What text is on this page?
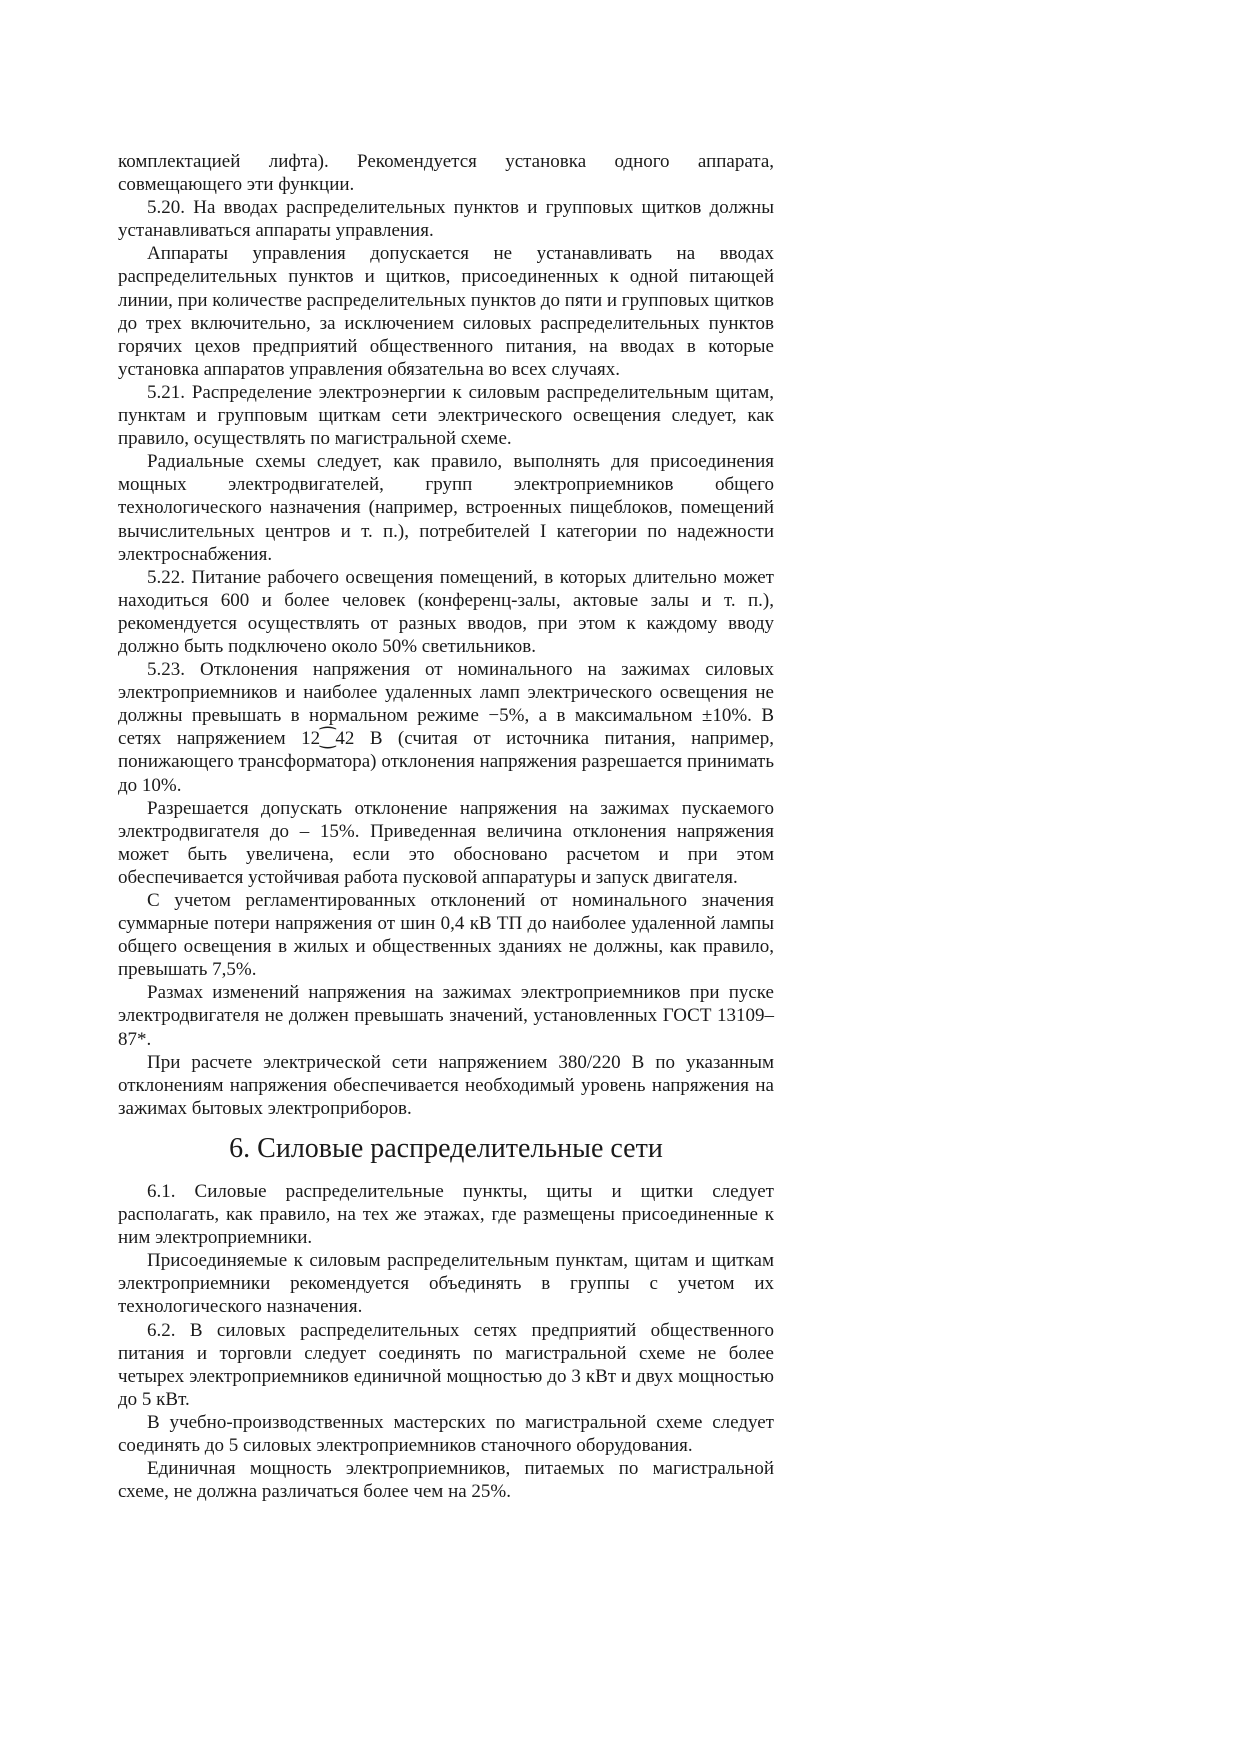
комплектацией лифта). Рекомендуется установка одного аппарата, совмещающего эти функции.

5.20. На вводах распределительных пунктов и групповых щитков должны устанавливаться аппараты управления.

Аппараты управления допускается не устанавливать на вводах распределительных пунктов и щитков, присоединенных к одной питающей линии, при количестве распределительных пунктов до пяти и групповых щитков до трех включительно, за исключением силовых распределительных пунктов горячих цехов предприятий общественного питания, на вводах в которые установка аппаратов управления обязательна во всех случаях.

5.21. Распределение электроэнергии к силовым распределительным щитам, пунктам и групповым щиткам сети электрического освещения следует, как правило, осуществлять по магистральной схеме.

Радиальные схемы следует, как правило, выполнять для присоединения мощных электродвигателей, групп электроприемников общего технологического назначения (например, встроенных пищеблоков, помещений вычислительных центров и т. п.), потребителей I категории по надежности электроснабжения.

5.22. Питание рабочего освещения помещений, в которых длительно может находиться 600 и более человек (конференц-залы, актовые залы и т. п.), рекомендуется осуществлять от разных вводов, при этом к каждому вводу должно быть подключено около 50% светильников.

5.23. Отклонения напряжения от номинального на зажимах силовых электроприемников и наиболее удаленных ламп электрического освещения не должны превышать в нормальном режиме −5%, а в максимальном ±10%. В сетях напряжением 12⁐42 В (считая от источника питания, например, понижающего трансформатора) отклонения напряжения разрешается принимать до 10%.

Разрешается допускать отклонение напряжения на зажимах пускаемого электродвигателя до – 15%. Приведенная величина отклонения напряжения может быть увеличена, если это обосновано расчетом и при этом обеспечивается устойчивая работа пусковой аппаратуры и запуск двигателя.

С учетом регламентированных отклонений от номинального значения суммарные потери напряжения от шин 0,4 кВ ТП до наиболее удаленной лампы общего освещения в жилых и общественных зданиях не должны, как правило, превышать 7,5%.

Размах изменений напряжения на зажимах электроприемников при пуске электродвигателя не должен превышать значений, установленных ГОСТ 13109–87*.

При расчете электрической сети напряжением 380/220 В по указанным отклонениям напряжения обеспечивается необходимый уровень напряжения на зажимах бытовых электроприборов.

6. Силовые распределительные сети

6.1. Силовые распределительные пункты, щиты и щитки следует располагать, как правило, на тех же этажах, где размещены присоединенные к ним электроприемники.

Присоединяемые к силовым распределительным пунктам, щитам и щиткам электроприемники рекомендуется объединять в группы с учетом их технологического назначения.

6.2. В силовых распределительных сетях предприятий общественного питания и торговли следует соединять по магистральной схеме не более четырех электроприемников единичной мощностью до 3 кВт и двух мощностью до 5 кВт.

В учебно-производственных мастерских по магистральной схеме следует соединять до 5 силовых электроприемников станочного оборудования.

Единичная мощность электроприемников, питаемых по магистральной схеме, не должна различаться более чем на 25%.
